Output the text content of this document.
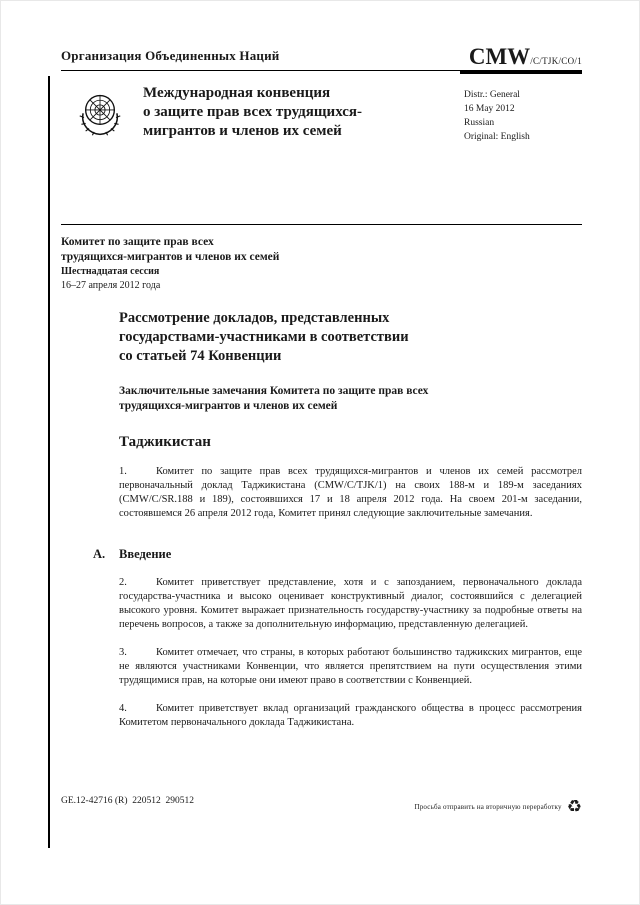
Организация Объединенных Наций	CMW/C/TJK/CO/1
Международная конвенция
о защите прав всех трудящихся-
мигрантов и членов их семей
Distr.: General
16 May 2012
Russian
Original: English
Комитет по защите прав всех
трудящихся-мигрантов и членов их семей
Шестнадцатая сессия
16–27 апреля 2012 года
Рассмотрение докладов, представленных
государствами-участниками в соответствии
со статьей 74 Конвенции
Заключительные замечания Комитета по защите прав всех
трудящихся-мигрантов и членов их семей
Таджикистан

1.	Комитет по защите прав всех трудящихся-мигрантов и членов их семей рассмотрел первоначальный доклад Таджикистана (CMW/C/TJK/1) на своих 188-м и 189-м заседаниях (CMW/C/SR.188 и 189), состоявшихся 17 и 18 апреля 2012 года. На своем 201-м заседании, состоявшемся 26 апреля 2012 года, Комитет принял следующие заключительные замечания.

A. Введение

2.	Комитет приветствует представление, хотя и с запозданием, первоначального доклада государства-участника и высоко оценивает конструктивный диалог, состоявшийся с делегацией высокого уровня. Комитет выражает признательность государству-участнику за подробные ответы на перечень вопросов, а также за дополнительную информацию, представленную делегацией.

3.	Комитет отмечает, что страны, в которых работают большинство таджикских мигрантов, еще не являются участниками Конвенции, что является препятствием на пути осуществления этими трудящимися прав, на которые они имеют право в соответствии с Конвенцией.

4.	Комитет приветствует вклад организаций гражданского общества в процесс рассмотрения Комитетом первоначального доклада Таджикистана.

GE.12-42716 (R)  220512  290512
Просьба отправить на вторичную переработку ♻
